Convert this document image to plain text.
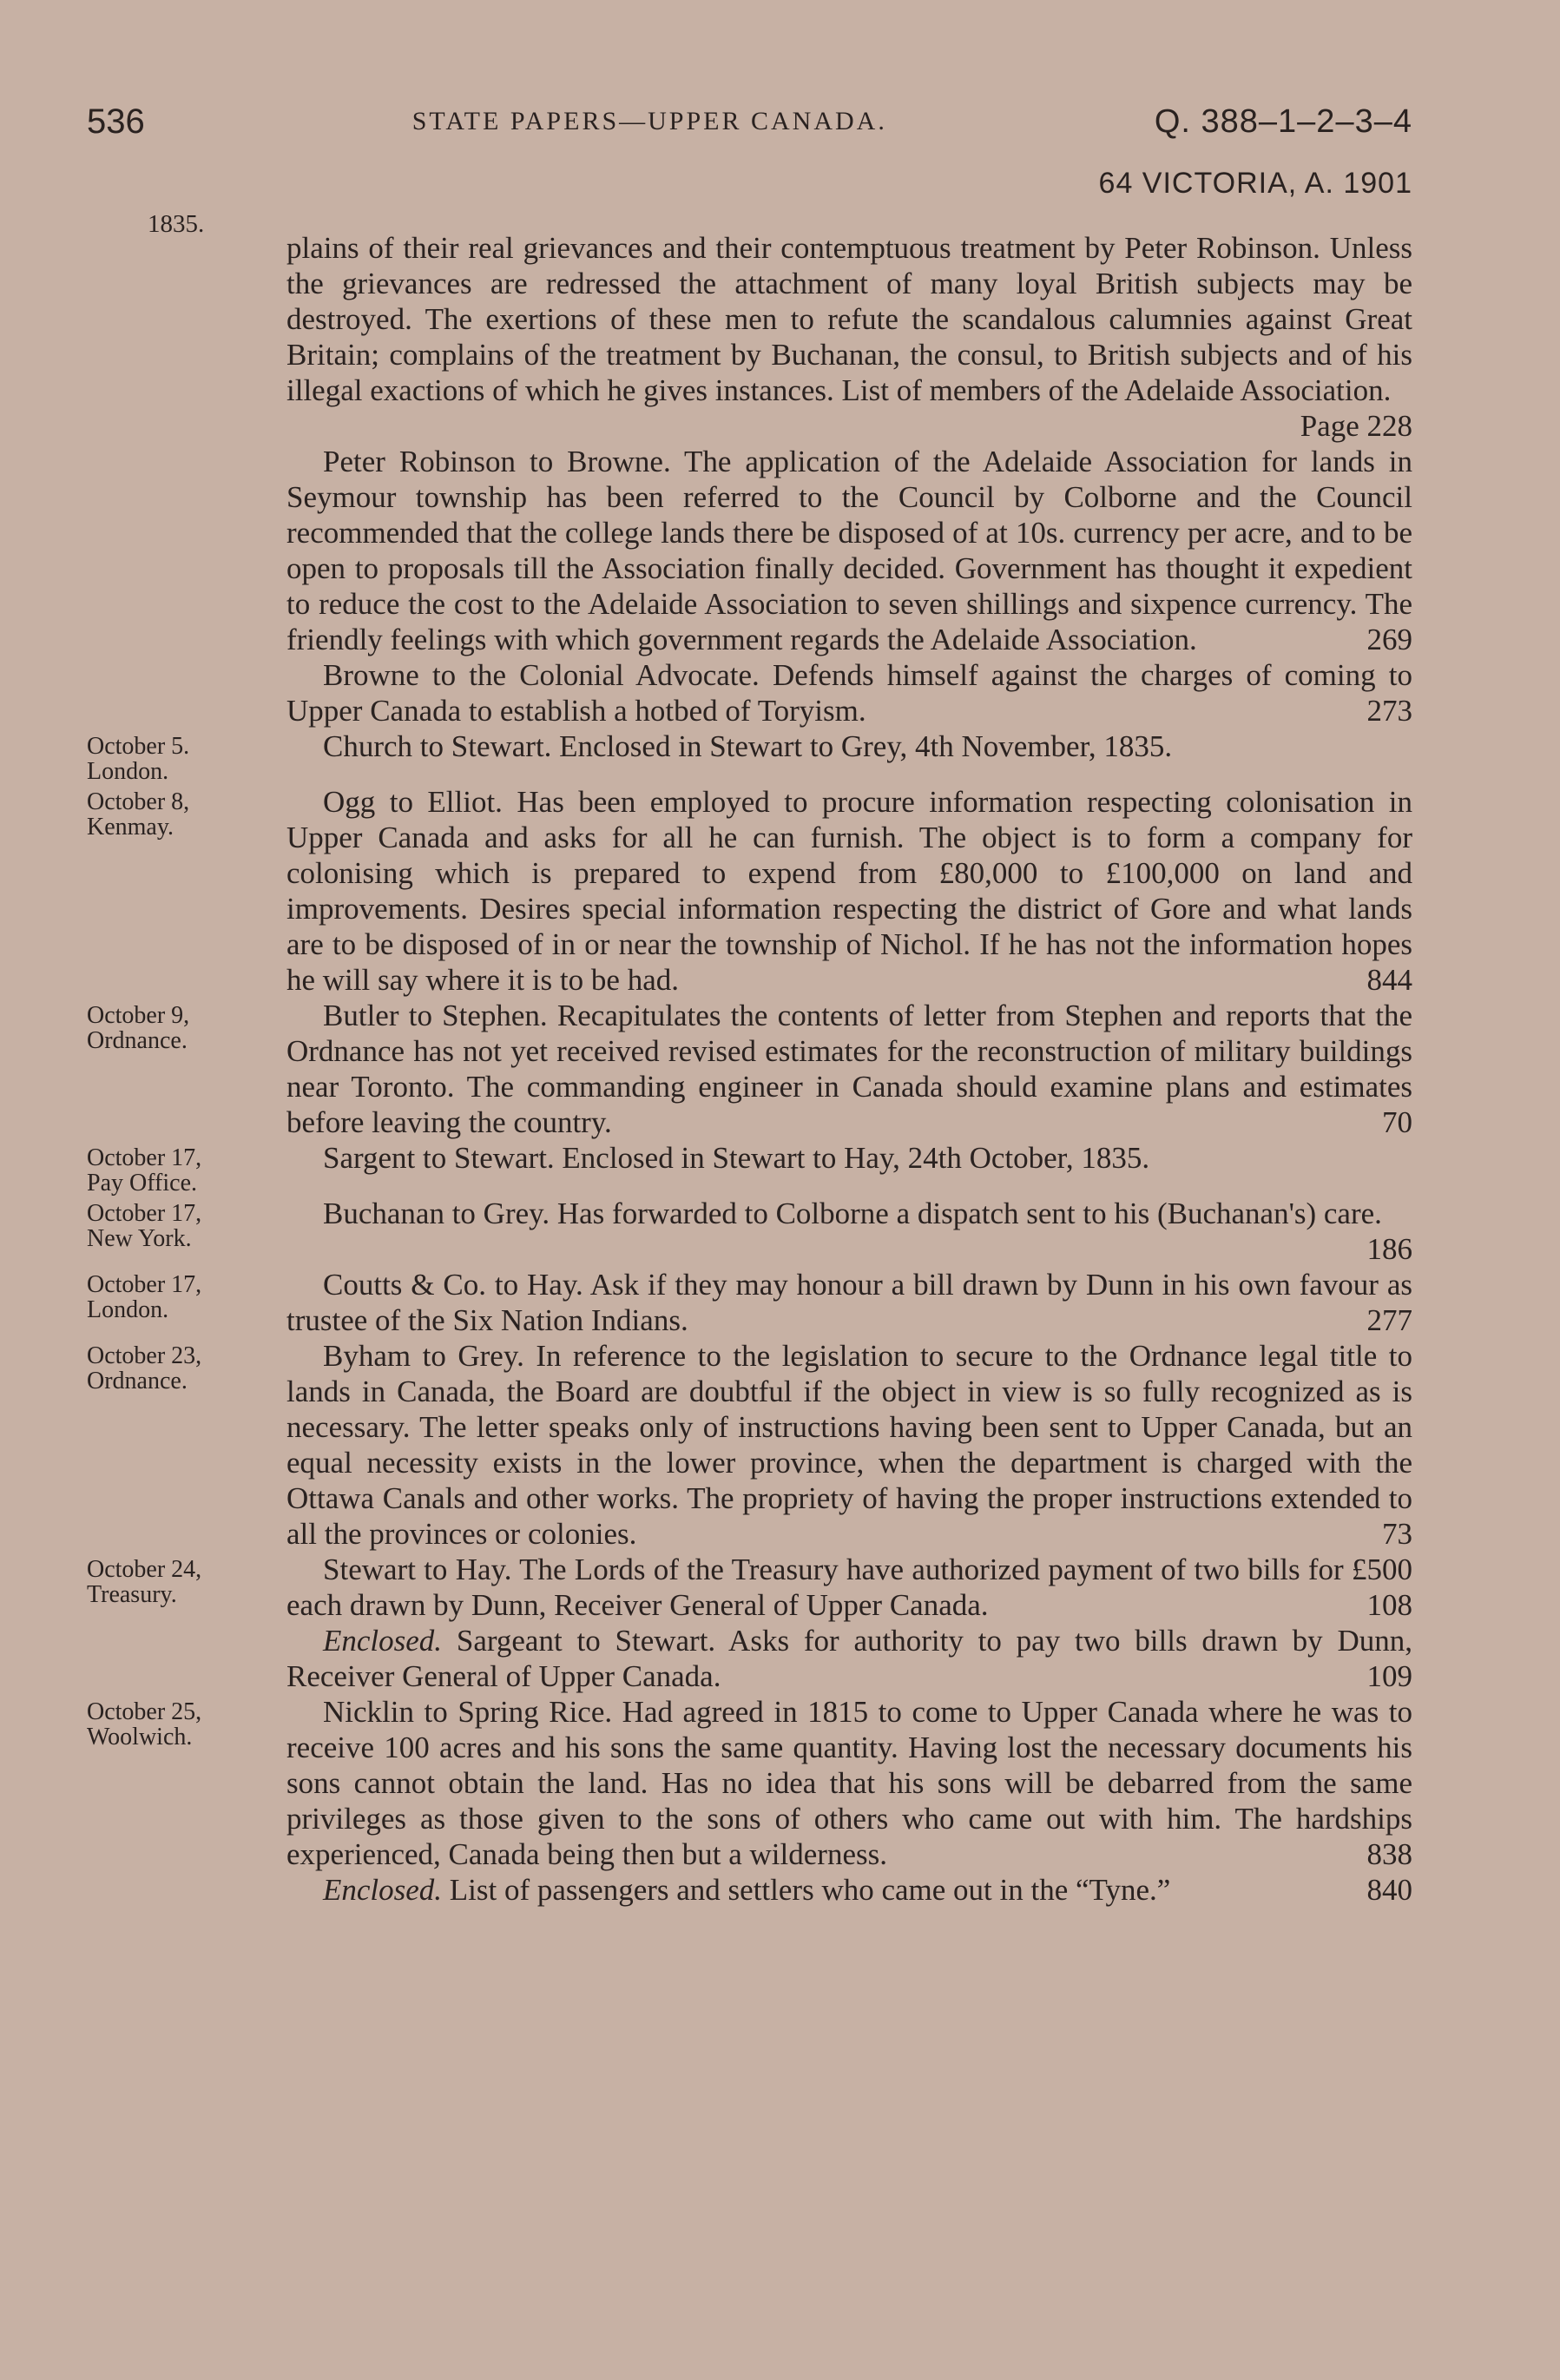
536	STATE PAPERS—UPPER CANADA.	Q. 388–1–2–3–4
64 VICTORIA, A. 1901
1835.
plains of their real grievances and their contemptuous treatment by Peter Robinson. Unless the grievances are redressed the attachment of many loyal British subjects may be destroyed. The exertions of these men to refute the scandalous calumnies against Great Britain; complains of the treatment by Buchanan, the consul, to British subjects and of his illegal exactions of which he gives instances. List of members of the Adelaide Association.
Page 228
Peter Robinson to Browne. The application of the Adelaide Association for lands in Seymour township has been referred to the Council by Colborne and the Council recommended that the college lands there be disposed of at 10s. currency per acre, and to be open to proposals till the Association finally decided. Government has thought it expedient to reduce the cost to the Adelaide Association to seven shillings and sixpence currency. The friendly feelings with which government regards the Adelaide Association.	269
Browne to the Colonial Advocate. Defends himself against the charges of coming to Upper Canada to establish a hotbed of Toryism.	273
October 5.
London.
Church to Stewart. Enclosed in Stewart to Grey, 4th November, 1835.
October 8,
Kenmay.
Ogg to Elliot. Has been employed to procure information respecting colonisation in Upper Canada and asks for all he can furnish. The object is to form a company for colonising which is prepared to expend from £80,000 to £100,000 on land and improvements. Desires special information respecting the district of Gore and what lands are to be disposed of in or near the township of Nichol. If he has not the information hopes he will say where it is to be had.	844
October 9,
Ordnance.
Butler to Stephen. Recapitulates the contents of letter from Stephen and reports that the Ordnance has not yet received revised estimates for the reconstruction of military buildings near Toronto. The commanding engineer in Canada should examine plans and estimates before leaving the country.	70
October 17,
Pay Office.
Sargent to Stewart. Enclosed in Stewart to Hay, 24th October, 1835.
October 17,
New York.
Buchanan to Grey. Has forwarded to Colborne a dispatch sent to his (Buchanan's) care.
186
October 17,
London.
Coutts & Co. to Hay. Ask if they may honour a bill drawn by Dunn in his own favour as trustee of the Six Nation Indians.	277
October 23,
Ordnance.
Byham to Grey. In reference to the legislation to secure to the Ordnance legal title to lands in Canada, the Board are doubtful if the object in view is so fully recognized as is necessary. The letter speaks only of instructions having been sent to Upper Canada, but an equal necessity exists in the lower province, when the department is charged with the Ottawa Canals and other works. The propriety of having the proper instructions extended to all the provinces or colonies.	73
October 24,
Treasury.
Stewart to Hay. The Lords of the Treasury have authorized payment of two bills for £500 each drawn by Dunn, Receiver General of Upper Canada.	108
Enclosed. Sargeant to Stewart. Asks for authority to pay two bills drawn by Dunn, Receiver General of Upper Canada.	109
October 25,
Woolwich.
Nicklin to Spring Rice. Had agreed in 1815 to come to Upper Canada where he was to receive 100 acres and his sons the same quantity. Having lost the necessary documents his sons cannot obtain the land. Has no idea that his sons will be debarred from the same privileges as those given to the sons of others who came out with him. The hardships experienced, Canada being then but a wilderness.	838
Enclosed. List of passengers and settlers who came out in the “Tyne.”	840
